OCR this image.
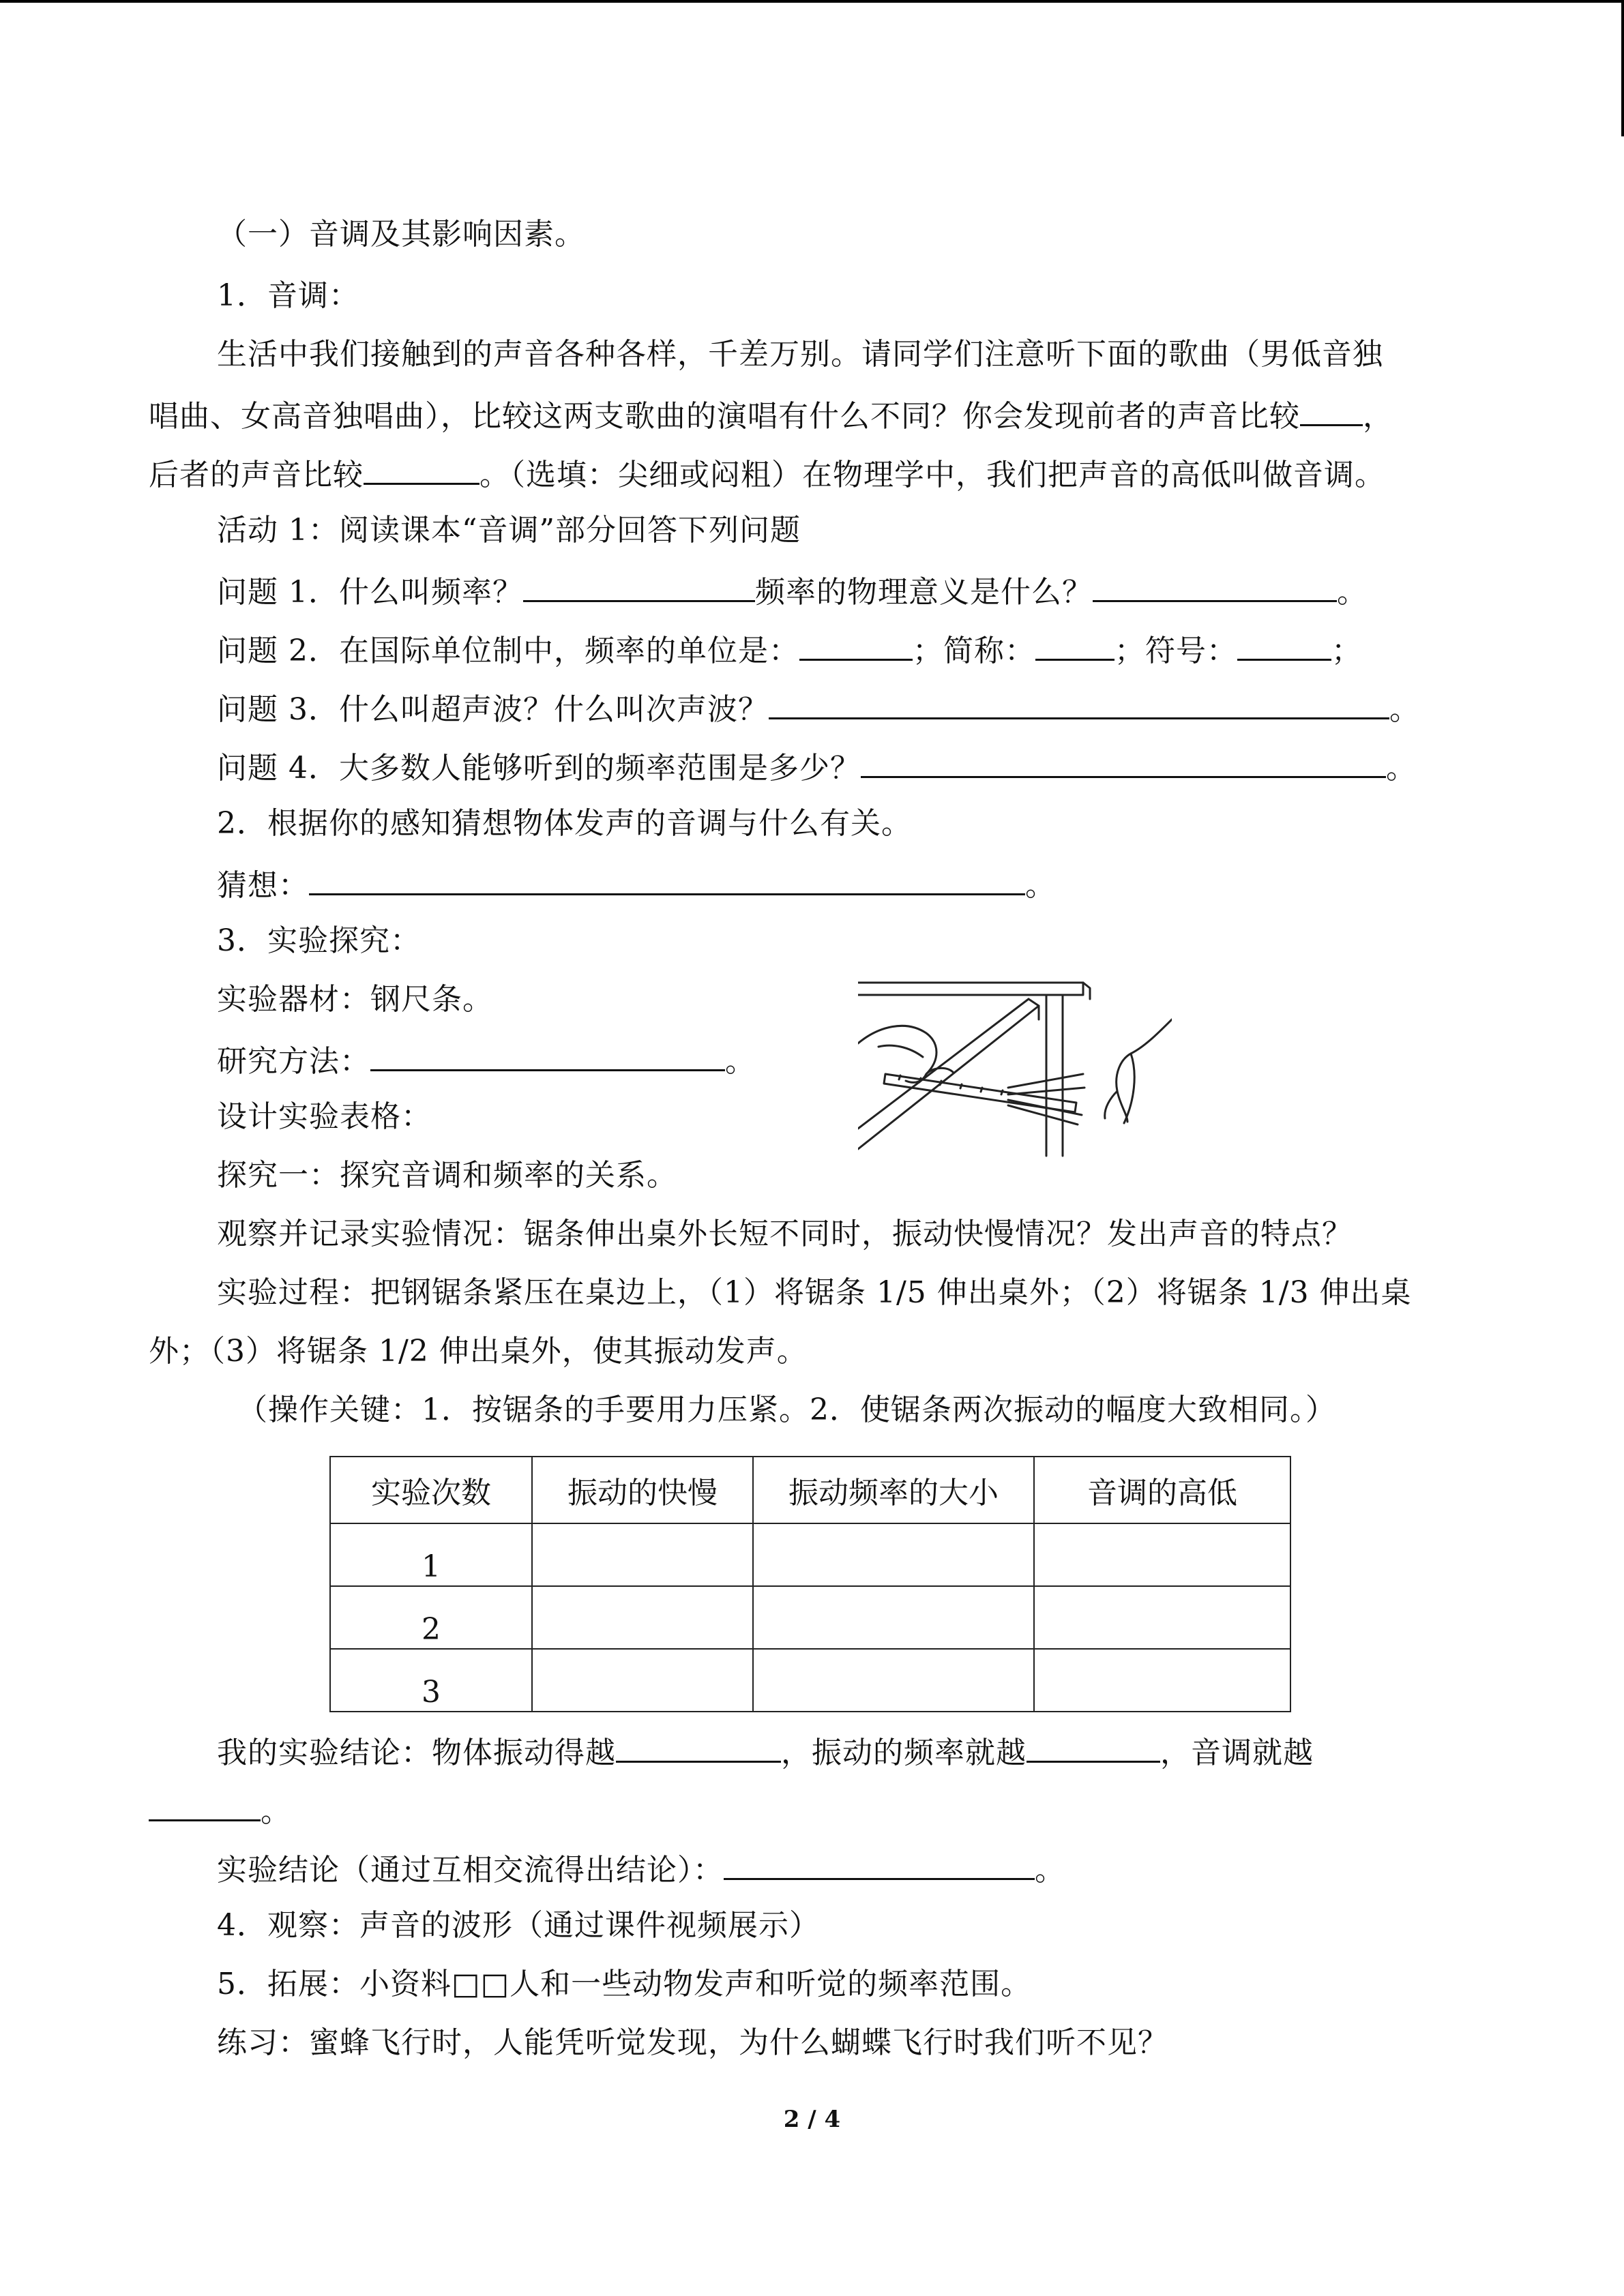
（一）音调及其影响因素。
1．音调：
生活中我们接触到的声音各种各样，千差万别。请同学们注意听下面的歌曲（男低音独
唱曲、女高音独唱曲），比较这两支歌曲的演唱有什么不同？你会发现前者的声音比较 ，
后者的声音比较	。（选填：尖细或闷粗）在物理学中，我们把声音的高低叫做音调。
活动 1：阅读课本“音调”部分回答下列问题
问题 1．什么叫频率？	频率的物理意义是什么？	。
问题 2．在国际单位制中，频率的单位是：	；简称：	；符号：	；
问题 3．什么叫超声波？什么叫次声波？	。
问题 4．大多数人能够听到的频率范围是多少？	。
2．根据你的感知猜想物体发声的音调与什么有关。
猜想：	。
3．实验探究：
实验器材：钢尺条。
研究方法：	。
设计实验表格：
探究一：探究音调和频率的关系。
观察并记录实验情况：锯条伸出桌外长短不同时，振动快慢情况？发出声音的特点？
实验过程：把钢锯条紧压在桌边上，（1）将锯条 1/5 伸出桌外；（2）将锯条 1/3 伸出桌
外；（3）将锯条 1/2 伸出桌外，使其振动发声。
（操作关键：1．按锯条的手要用力压紧。2．使锯条两次振动的幅度大致相同。）
实验次数	振动的快慢	振动频率的大小	音调的高低
1			
2			
3			
我的实验结论：物体振动得越	，振动的频率就越	，音调就越
。
实验结论（通过互相交流得出结论）：	。
4．观察：声音的波形（通过课件视频展示）
5．拓展：小资料□□人和一些动物发声和听觉的频率范围。
练习：蜜蜂飞行时，人能凭听觉发现，为什么蝴蝶飞行时我们听不见？
2 / 4
